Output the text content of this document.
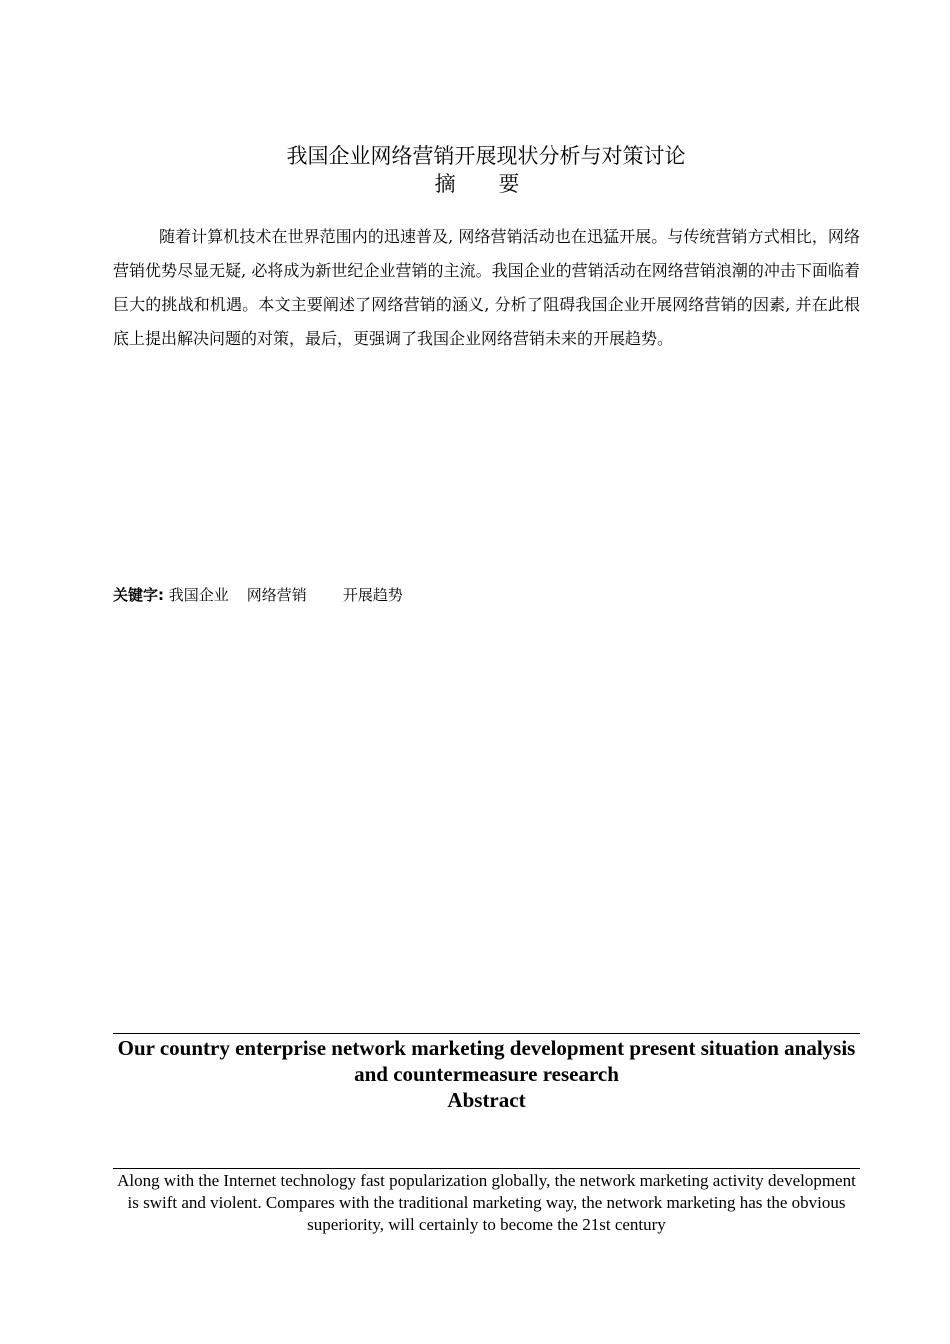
我国企业网络营销开展现状分析与对策讨论
摘 要

随着计算机技术在世界范围内的迅速普及, 网络营销活动也在迅猛开展。与传统营销方式相比，网络营销优势尽显无疑, 必将成为新世纪企业营销的主流。我国企业的营销活动在网络营销浪潮的冲击下面临着巨大的挑战和机遇。本文主要阐述了网络营销的涵义, 分析了阻碍我国企业开展网络营销的因素, 并在此根底上提出解决问题的对策，最后，更强调了我国企业网络营销未来的开展趋势。

关键字: 我国企业 网络营销 开展趋势

Our country enterprise network marketing development present situation analysis and countermeasure research
Abstract

Along with the Internet technology fast popularization globally, the network marketing activity development is swift and violent. Compares with the traditional marketing way, the network marketing has the obvious superiority, will certainly to become the 21st century
